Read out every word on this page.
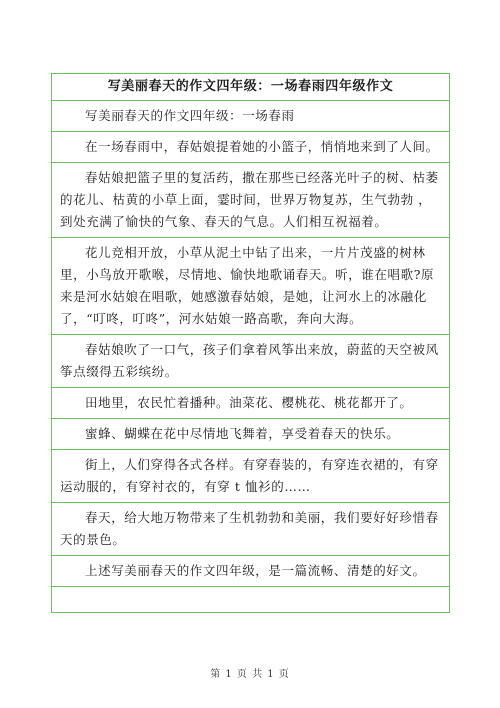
写美丽春天的作文四年级：一场春雨四年级作文
写美丽春天的作文四年级：一场春雨
在一场春雨中，春姑娘提着她的小篮子，悄悄地来到了人间。
春姑娘把篮子里的复活药，撒在那些已经落光叶子的树、枯萎的花儿、枯黄的小草上面，霎时间，世界万物复苏，生气勃勃 ，到处充满了愉快的气象、春天的气息。人们相互祝福着。
花儿竞相开放，小草从泥土中钻了出来，一片片茂盛的树林里，小鸟放开歌喉，尽情地、愉快地歌诵春天。听，谁在唱歌?原来是河水姑娘在唱歌，她感激春姑娘，是她，让河水上的冰融化了，“叮咚，叮咚”，河水姑娘一路高歌，奔向大海。
春姑娘吹了一口气，孩子们拿着风筝出来放，蔚蓝的天空被风筝点缀得五彩缤纷。
田地里，农民忙着播种。油菜花、樱桃花、桃花都开了。
蜜蜂、蝴蝶在花中尽情地飞舞着，享受着春天的快乐。
街上，人们穿得各式各样。有穿春装的，有穿连衣裙的，有穿运动服的，有穿衬衣的，有穿 t 恤衫的……
春天，给大地万物带来了生机勃勃和美丽，我们要好好珍惜春天的景色。
上述写美丽春天的作文四年级，是一篇流畅、清楚的好文。
第 1 页 共 1 页
